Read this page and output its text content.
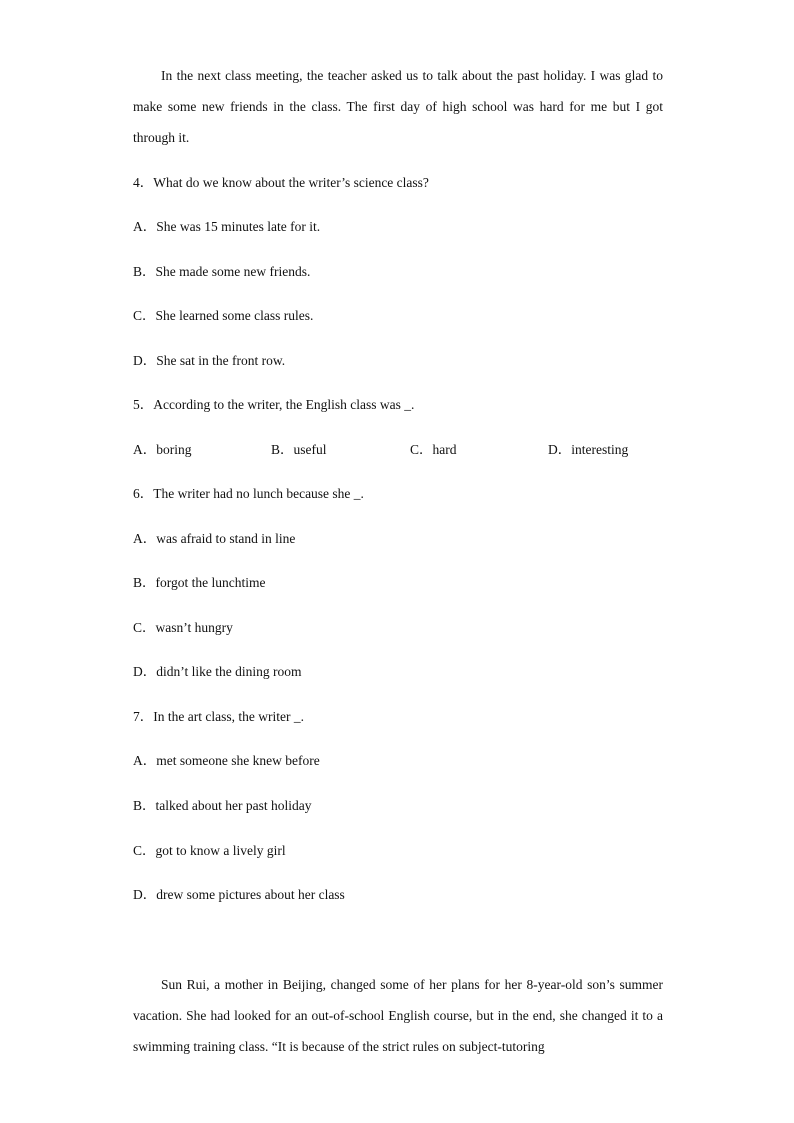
In the next class meeting, the teacher asked us to talk about the past holiday. I was glad to make some new friends in the class. The first day of high school was hard for me but I got through it.

4．What do we know about the writer’s science class?
A．She was 15 minutes late for it.
B．She made some new friends.
C．She learned some class rules.
D．She sat in the front row.
5．According to the writer, the English class was _.
A．boring	B．useful	C．hard	D．interesting
6．The writer had no lunch because she _.
A．was afraid to stand in line
B．forgot the lunchtime
C．wasn’t hungry
D．didn’t like the dining room
7．In the art class, the writer _.
A．met someone she knew before
B．talked about her past holiday
C．got to know a lively girl
D．drew some pictures about her class

Sun Rui, a mother in Beijing, changed some of her plans for her 8-year-old son’s summer vacation. She had looked for an out-of-school English course, but in the end, she changed it to a swimming training class. “It is because of the strict rules on subject-tutoring
